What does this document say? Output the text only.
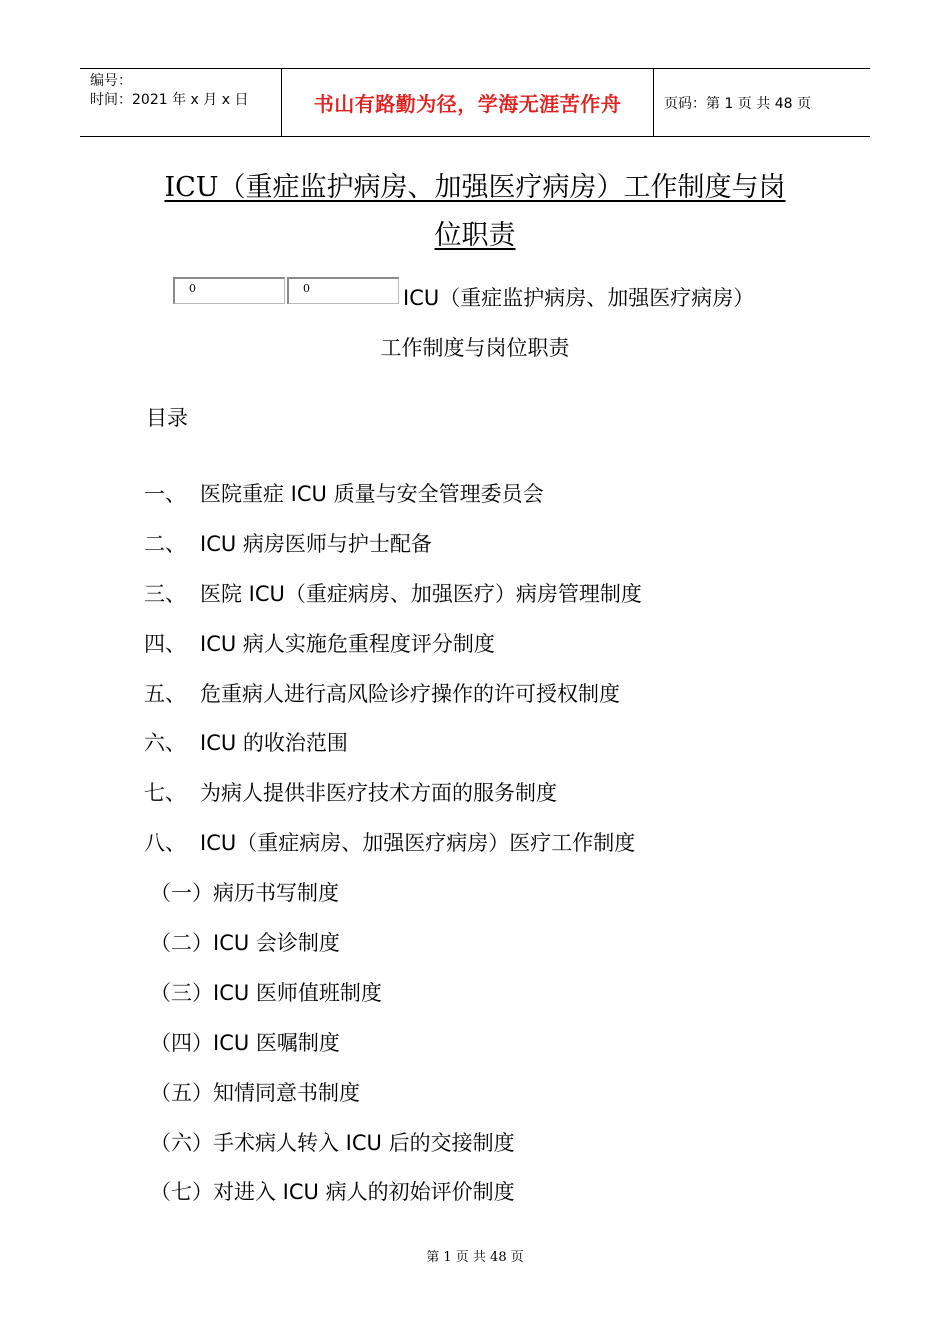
编号：
时间：2021 年 x 月 x 日	书山有路勤为径，学海无涯苦作舟	页码：第 1 页 共 48 页
ICU（重症监护病房、加强医疗病房）工作制度与岗
位职责
0	0	ICU（重症监护病房、加强医疗病房）
工作制度与岗位职责
目录
一、 医院重症 ICU 质量与安全管理委员会
二、 ICU 病房医师与护士配备
三、 医院 ICU（重症病房、加强医疗）病房管理制度
四、 ICU 病人实施危重程度评分制度
五、 危重病人进行高风险诊疗操作的许可授权制度
六、 ICU 的收治范围
七、 为病人提供非医疗技术方面的服务制度
八、 ICU（重症病房、加强医疗病房）医疗工作制度
（一）病历书写制度
（二）ICU 会诊制度
（三）ICU 医师值班制度
（四）ICU 医嘱制度
（五）知情同意书制度
（六）手术病人转入 ICU 后的交接制度
（七）对进入 ICU 病人的初始评价制度
第 1 页 共 48 页
